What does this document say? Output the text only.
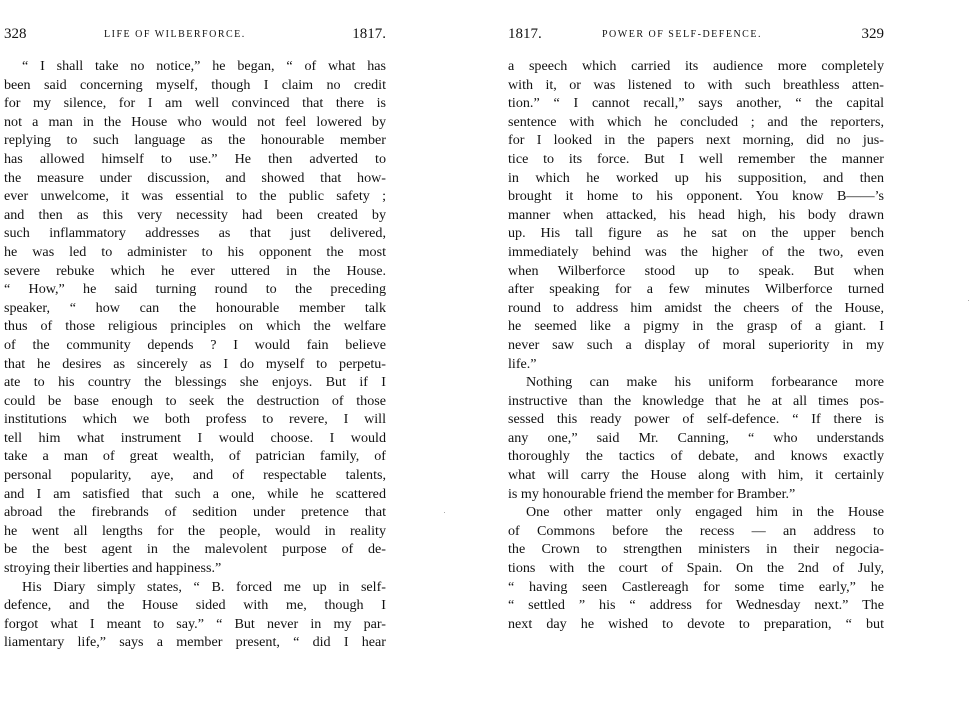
328	LIFE OF WILBERFORCE.	1817.
“ I shall take no notice,” he began, “ of what has
been said concerning myself, though I claim no credit
for my silence, for I am well convinced that there is
not a man in the House who would not feel lowered by
replying to such language as the honourable member
has allowed himself to use.” He then adverted to
the measure under discussion, and showed that how-
ever unwelcome, it was essential to the public safety ;
and then as this very necessity had been created by
such inflammatory addresses as that just delivered,
he was led to administer to his opponent the most
severe rebuke which he ever uttered in the House.
“ How,” he said turning round to the preceding
speaker, “ how can the honourable member talk
thus of those religious principles on which the welfare
of the community depends ? I would fain believe
that he desires as sincerely as I do myself to perpetu-
ate to his country the blessings she enjoys. But if I
could be base enough to seek the destruction of those
institutions which we both profess to revere, I will
tell him what instrument I would choose. I would
take a man of great wealth, of patrician family, of
personal popularity, aye, and of respectable talents,
and I am satisfied that such a one, while he scattered
abroad the firebrands of sedition under pretence that
he went all lengths for the people, would in reality
be the best agent in the malevolent purpose of de-
stroying their liberties and happiness.”
His Diary simply states, “ B. forced me up in self-
defence, and the House sided with me, though I
forgot what I meant to say.” “ But never in my par-
liamentary life,” says a member present, “ did I hear
1817.	POWER OF SELF-DEFENCE.	329
a speech which carried its audience more completely
with it, or was listened to with such breathless atten-
tion.” “ I cannot recall,” says another, “ the capital
sentence with which he concluded ; and the reporters,
for I looked in the papers next morning, did no jus-
tice to its force. But I well remember the manner
in which he worked up his supposition, and then
brought it home to his opponent. You know B——’s
manner when attacked, his head high, his body drawn
up. His tall figure as he sat on the upper bench
immediately behind was the higher of the two, even
when Wilberforce stood up to speak. But when
after speaking for a few minutes Wilberforce turned
round to address him amidst the cheers of the House,
he seemed like a pigmy in the grasp of a giant. I
never saw such a display of moral superiority in my
life.”
Nothing can make his uniform forbearance more
instructive than the knowledge that he at all times pos-
sessed this ready power of self-defence. “ If there is
any one,” said Mr. Canning, “ who understands
thoroughly the tactics of debate, and knows exactly
what will carry the House along with him, it certainly
is my honourable friend the member for Bramber.”
One other matter only engaged him in the House
of Commons before the recess — an address to
the Crown to strengthen ministers in their negocia-
tions with the court of Spain. On the 2nd of July,
“ having seen Castlereagh for some time early,” he
“ settled ” his “ address for Wednesday next.” The
next day he wished to devote to preparation, “ but
